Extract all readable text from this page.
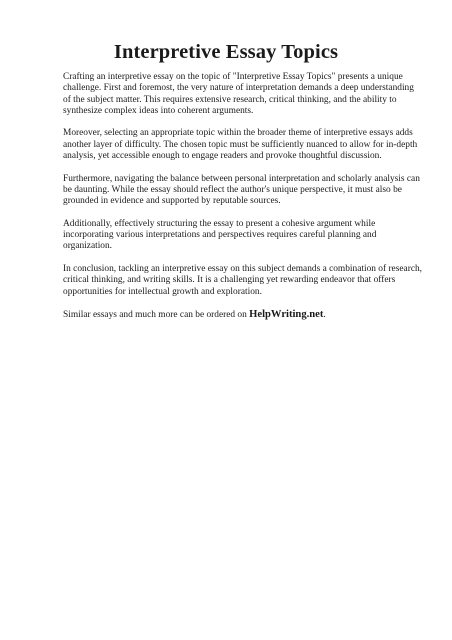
Interpretive Essay Topics

Crafting an interpretive essay on the topic of "Interpretive Essay Topics" presents a unique challenge. First and foremost, the very nature of interpretation demands a deep understanding of the subject matter. This requires extensive research, critical thinking, and the ability to synthesize complex ideas into coherent arguments.

Moreover, selecting an appropriate topic within the broader theme of interpretive essays adds another layer of difficulty. The chosen topic must be sufficiently nuanced to allow for in-depth analysis, yet accessible enough to engage readers and provoke thoughtful discussion.

Furthermore, navigating the balance between personal interpretation and scholarly analysis can be daunting. While the essay should reflect the author's unique perspective, it must also be grounded in evidence and supported by reputable sources.

Additionally, effectively structuring the essay to present a cohesive argument while incorporating various interpretations and perspectives requires careful planning and organization.

In conclusion, tackling an interpretive essay on this subject demands a combination of research, critical thinking, and writing skills. It is a challenging yet rewarding endeavor that offers opportunities for intellectual growth and exploration.

Similar essays and much more can be ordered on HelpWriting.net.
